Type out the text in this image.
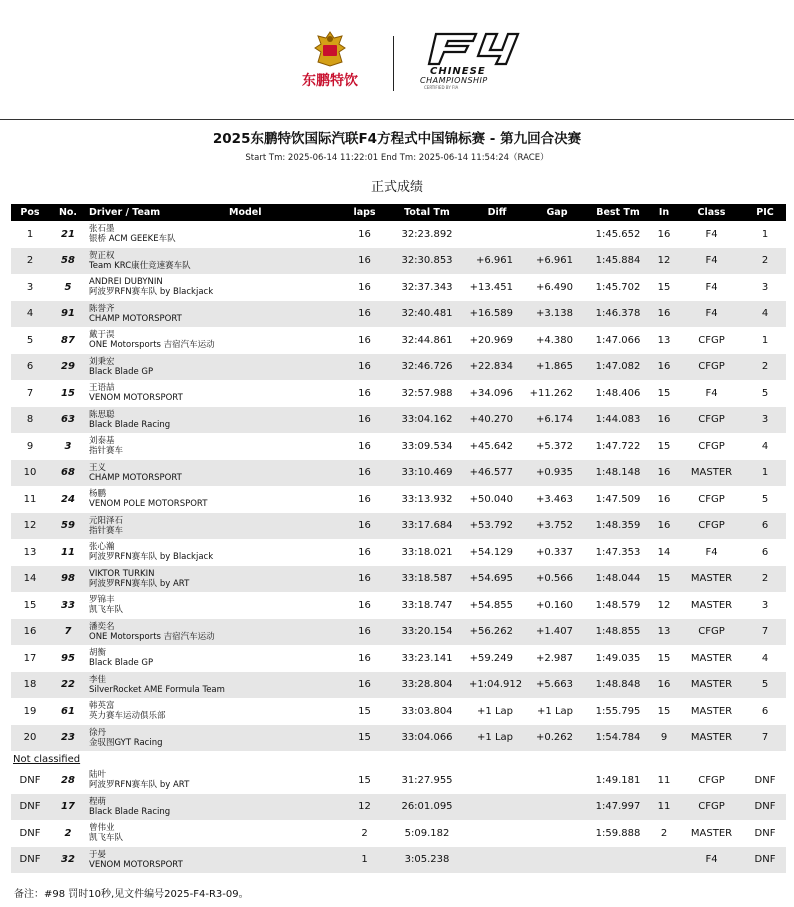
东鹏特饮
CHINESE
CHAMPIONSHIP
CERTIFIED BY FIA
2025东鹏特饮国际汽联F4方程式中国锦标赛 - 第九回合决赛
Start Tm: 2025-06-14 11:22:01 End Tm: 2025-06-14 11:54:24（RACE）
正式成绩
Pos	No.	Driver / Team	Model	laps	Total Tm	Diff	Gap	Best Tm	In	Class	PIC
1	21	张石墨
银桥 ACM GEEKE车队		16	32:23.892			1:45.652	16	F4	1
2	58	贺正权
Team KRC康仕竞速赛车队		16	32:30.853	+6.961	+6.961	1:45.884	12	F4	2
3	5	ANDREI DUBYNIN
阿波罗RFN赛车队 by Blackjack		16	32:37.343	+13.451	+6.490	1:45.702	15	F4	3
4	91	陈誉齐
CHAMP MOTORSPORT		16	32:40.481	+16.589	+3.138	1:46.378	16	F4	4
5	87	戴于淏
ONE Motorsports 吉宿汽车运动		16	32:44.861	+20.969	+4.380	1:47.066	13	CFGP	1
6	29	刘秉宏
Black Blade GP		16	32:46.726	+22.834	+1.865	1:47.082	16	CFGP	2
7	15	王语喆
VENOM MOTORSPORT		16	32:57.988	+34.096	+11.262	1:48.406	15	F4	5
8	63	陈思聪
Black Blade Racing		16	33:04.162	+40.270	+6.174	1:44.083	16	CFGP	3
9	3	刘泰基
指针赛车		16	33:09.534	+45.642	+5.372	1:47.722	15	CFGP	4
10	68	王义
CHAMP MOTORSPORT		16	33:10.469	+46.577	+0.935	1:48.148	16	MASTER	1
11	24	杨鹏
VENOM POLE MOTORSPORT		16	33:13.932	+50.040	+3.463	1:47.509	16	CFGP	5
12	59	元阳泽石
指针赛车		16	33:17.684	+53.792	+3.752	1:48.359	16	CFGP	6
13	11	张心瀚
阿波罗RFN赛车队 by Blackjack		16	33:18.021	+54.129	+0.337	1:47.353	14	F4	6
14	98	VIKTOR TURKIN
阿波罗RFN赛车队 by ART		16	33:18.587	+54.695	+0.566	1:48.044	15	MASTER	2
15	33	罗锦丰
凯飞车队		16	33:18.747	+54.855	+0.160	1:48.579	12	MASTER	3
16	7	潘奕名
ONE Motorsports 吉宿汽车运动		16	33:20.154	+56.262	+1.407	1:48.855	13	CFGP	7
17	95	胡衡
Black Blade GP		16	33:23.141	+59.249	+2.987	1:49.035	15	MASTER	4
18	22	李佳
SilverRocket AME Formula Team		16	33:28.804	+1:04.912	+5.663	1:48.848	16	MASTER	5
19	61	韩英富
英力赛车运动俱乐部		15	33:03.804	+1 Lap	+1 Lap	1:55.795	15	MASTER	6
20	23	徐丹
金驭图GYT Racing		15	33:04.066	+1 Lap	+0.262	1:54.784	9	MASTER	7
Not classified											
DNF	28	陆叶
阿波罗RFN赛车队 by ART		15	31:27.955			1:49.181	11	CFGP	DNF
DNF	17	程萌
Black Blade Racing		12	26:01.095			1:47.997	11	CFGP	DNF
DNF	2	曾伟业
凯飞车队		2	5:09.182			1:59.888	2	MASTER	DNF
DNF	32	于晏
VENOM MOTORSPORT		1	3:05.238					F4	DNF
备注：#98 罚时10秒,见文件编号2025-F4-R3-09。
